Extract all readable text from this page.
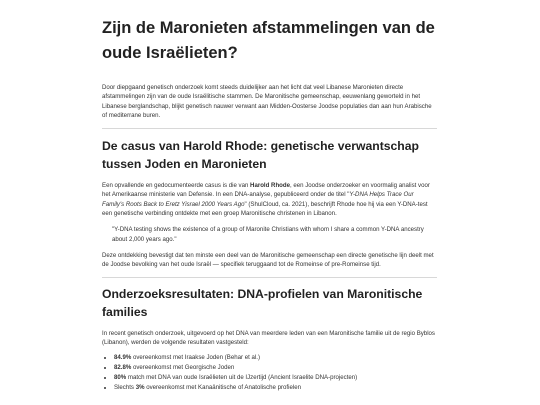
Zijn de Maronieten afstammelingen van de oude Israëlieten?

Door diepgaand genetisch onderzoek komt steeds duidelijker aan het licht dat veel Libanese Maronieten directe afstammelingen zijn van de oude Israëlitische stammen. De Maronitische gemeenschap, eeuwenlang geworteld in het Libanese berglandschap, blijkt genetisch nauwer verwant aan Midden-Oosterse Joodse populaties dan aan hun Arabische of mediterrane buren.

De casus van Harold Rhode: genetische verwantschap tussen Joden en Maronieten

Een opvallende en gedocumenteerde casus is die van Harold Rhode, een Joodse onderzoeker en voormalig analist voor het Amerikaanse ministerie van Defensie. In een DNA-analyse, gepubliceerd onder de titel "Y-DNA Helps Trace Our Family's Roots Back to Eretz Yisrael 2000 Years Ago" (ShulCloud, ca. 2021), beschrijft Rhode hoe hij via een Y-DNA-test een genetische verbinding ontdekte met een groep Maronitische christenen in Libanon.

"Y-DNA testing shows the existence of a group of Maronite Christians with whom I share a common Y-DNA ancestry about 2,000 years ago."

Deze ontdekking bevestigt dat ten minste een deel van de Maronitische gemeenschap een directe genetische lijn deelt met de Joodse bevolking van het oude Israël — specifiek teruggaand tot de Romeinse of pre-Romeinse tijd.

Onderzoeksresultaten: DNA-profielen van Maronitische families

In recent genetisch onderzoek, uitgevoerd op het DNA van meerdere leden van een Maronitische familie uit de regio Byblos (Libanon), werden de volgende resultaten vastgesteld:

• 84.9% overeenkomst met Iraakse Joden (Behar et al.)
• 82.8% overeenkomst met Georgische Joden
• 80% match met DNA van oude Israëlieten uit de IJzertijd (Ancient Israelite DNA-projecten)
• Slechts 3% overeenkomst met Kanaänitische of Anatolische profielen
